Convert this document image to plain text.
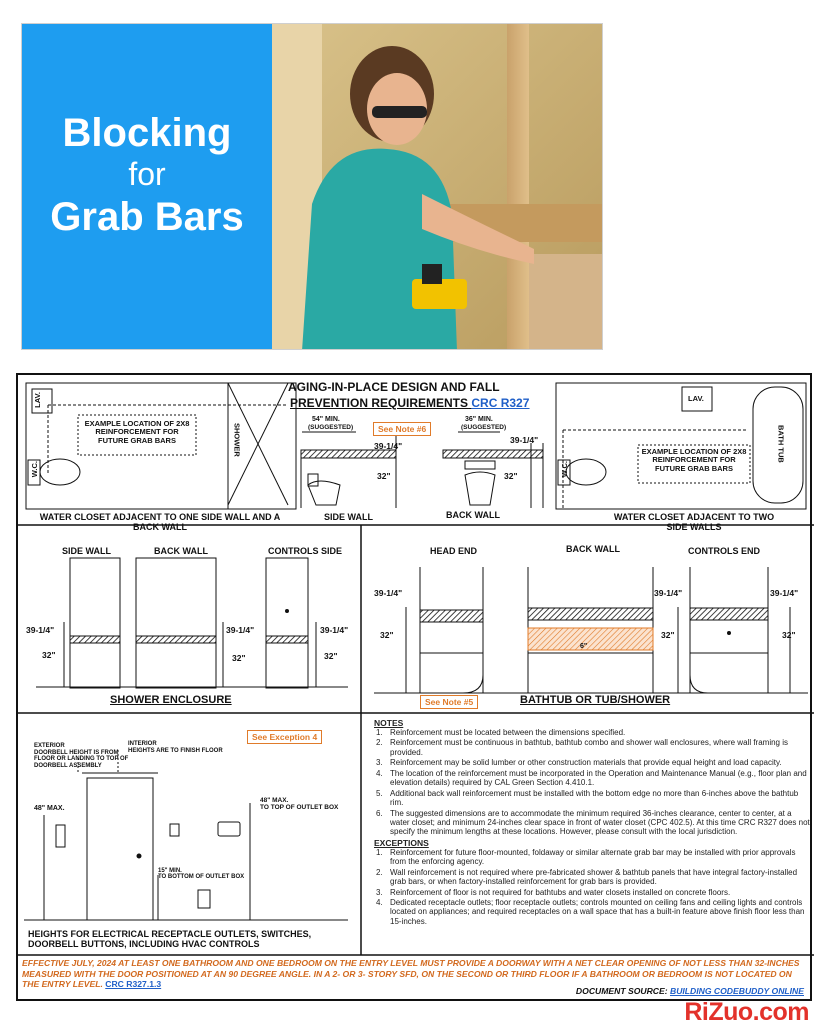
Blocking
for
Grab Bars
AGING-IN-PLACE DESIGN AND FALL
PREVENTION REQUIREMENTS CRC R327
LAV.
W.C.
SHOWER
EXAMPLE LOCATION OF 2X8 REINFORCEMENT FOR FUTURE GRAB BARS
WATER CLOSET ADJACENT TO ONE SIDE WALL AND A BACK WALL
54" MIN.
(SUGGESTED)
36" MIN.
(SUGGESTED)
See Note #6
39-1/4"
32"
39-1/4"
32"
SIDE WALL	BACK WALL
LAV.
W.C.
BATH TUB
EXAMPLE LOCATION OF 2X8 REINFORCEMENT FOR FUTURE GRAB BARS
WATER CLOSET ADJACENT TO TWO SIDE WALLS
SIDE WALL	BACK WALL	CONTROLS SIDE
39-1/4"
32"
39-1/4"
32"
39-1/4"
32"
SHOWER ENCLOSURE
HEAD END	BACK WALL	CONTROLS END
39-1/4"
32"
39-1/4"
32"
39-1/4"
32"
6"
See Note #5	BATHTUB OR TUB/SHOWER
EXTERIOR
DOORBELL HEIGHT IS FROM FLOOR OR LANDING TO TOP OF DOORBELL ASSEMBLY
INTERIOR
HEIGHTS ARE TO FINISH FLOOR
See Exception 4
48" MAX.
48" MAX.
TO TOP OF OUTLET BOX
15" MIN.
TO BOTTOM OF OUTLET BOX
HEIGHTS FOR ELECTRICAL RECEPTACLE OUTLETS, SWITCHES, DOORBELL BUTTONS, INCLUDING HVAC CONTROLS
NOTES
1. Reinforcement must be located between the dimensions specified.
2. Reinforcement must be continuous in bathtub, bathtub combo and shower wall enclosures, where wall framing is provided.
3. Reinforcement may be solid lumber or other construction materials that provide equal height and load capacity.
4. The location of the reinforcement must be incorporated in the Operation and Maintenance Manual (e.g., floor plan and elevation details) required by CAL Green Section 4.410.1.
5. Additional back wall reinforcement must be installed with the bottom edge no more than 6-inches above the bathtub rim.
6. The suggested dimensions are to accommodate the minimum required 36-inches clearance, center to center, at a water closet; and minimum 24-inches clear space in front of water closet (CPC 402.5). At this time CRC R327 does not specify the minimum lengths at these locations. However, please consult with the local jurisdiction.
EXCEPTIONS
1. Reinforcement for future floor-mounted, foldaway or similar alternate grab bar may be installed with prior approvals from the enforcing agency.
2. Wall reinforcement is not required where pre-fabricated shower & bathtub panels that have integral factory-installed grab bars, or when factory-installed reinforcement for grab bars is provided.
3. Reinforcement of floor is not required for bathtubs and water closets installed on concrete floors.
4. Dedicated receptacle outlets; floor receptacle outlets; controls mounted on ceiling fans and ceiling lights and controls located on appliances; and required receptacles on a wall space that has a built-in feature above finish floor less than 15-inches.
EFFECTIVE JULY, 2024 AT LEAST ONE BATHROOM AND ONE BEDROOM ON THE ENTRY LEVEL MUST PROVIDE A DOORWAY WITH A NET CLEAR OPENING OF NOT LESS THAN 32-INCHES MEASURED WITH THE DOOR POSITIONED AT AN 90 DEGREE ANGLE. IN A 2- OR 3- STORY SFD, ON THE SECOND OR THIRD FLOOR IF A BATHROOM OR BEDROOM IS NOT LOCATED ON THE ENTRY LEVEL. CRC R327.1.3
DOCUMENT SOURCE: BUILDING CODEBUDDY ONLINE
RiZuo.com
